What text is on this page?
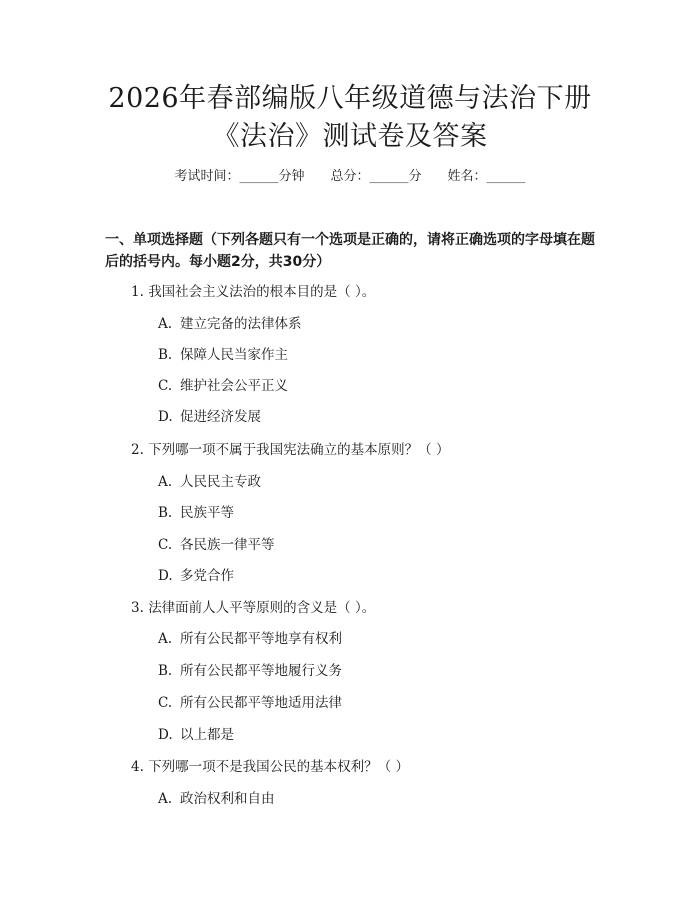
2026年春部编版八年级道德与法治下册《法治》测试卷及答案
考试时间：______分钟 总分：______分 姓名：______
一、单项选择题（下列各题只有一个选项是正确的，请将正确选项的字母填在题后的括号内。每小题2分，共30分）
1. 我国社会主义法治的根本目的是（ ）。
A. 建立完备的法律体系
B. 保障人民当家作主
C. 维护社会公平正义
D. 促进经济发展
2. 下列哪一项不属于我国宪法确立的基本原则？（ ）
A. 人民民主专政
B. 民族平等
C. 各民族一律平等
D. 多党合作
3. 法律面前人人平等原则的含义是（ ）。
A. 所有公民都平等地享有权利
B. 所有公民都平等地履行义务
C. 所有公民都平等地适用法律
D. 以上都是
4. 下列哪一项不是我国公民的基本权利？（ ）
A. 政治权利和自由
